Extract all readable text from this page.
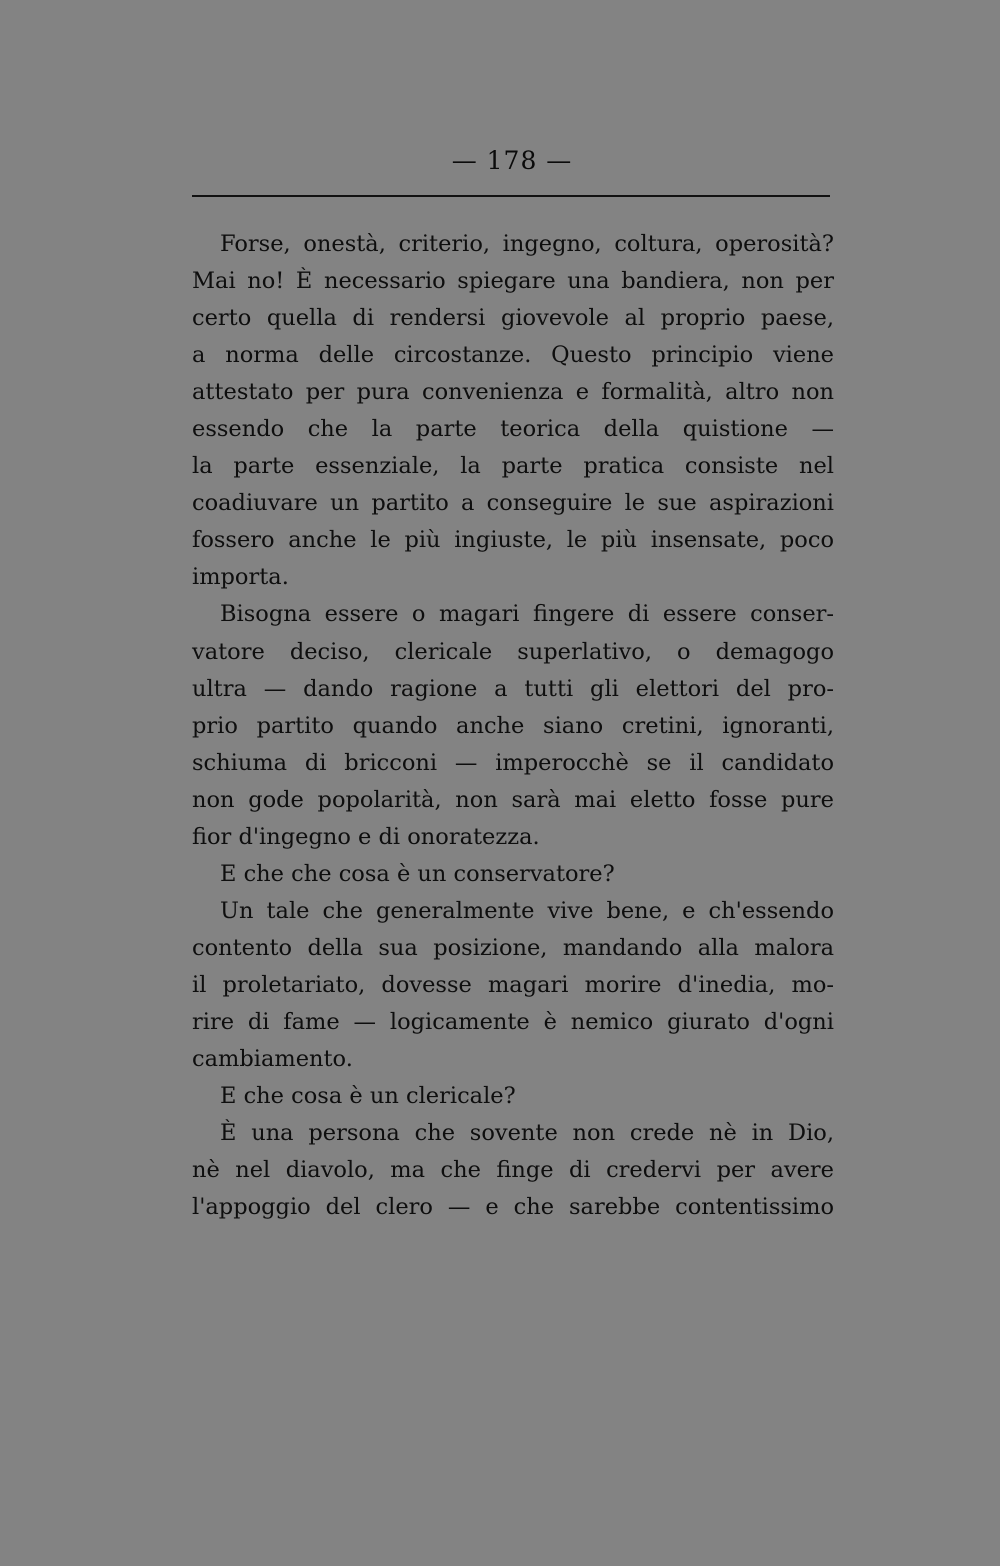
— 178 —
Forse, onestà, criterio, ingegno, coltura, operosità?
Mai no! È necessario spiegare una bandiera, non per
certo quella di rendersi giovevole al proprio paese,
a norma delle circostanze. Questo principio viene
attestato per pura convenienza e formalità, altro non
essendo che la parte teorica della quistione —
la parte essenziale, la parte pratica consiste nel
coadiuvare un partito a conseguire le sue aspirazioni
fossero anche le più ingiuste, le più insensate, poco
importa.
Bisogna essere o magari fingere di essere conser-
vatore deciso, clericale superlativo, o demagogo
ultra — dando ragione a tutti gli elettori del pro-
prio partito quando anche siano cretini, ignoranti,
schiuma di bricconi — imperocchè se il candidato
non gode popolarità, non sarà mai eletto fosse pure
fior d'ingegno e di onoratezza.
E che che cosa è un conservatore?
Un tale che generalmente vive bene, e ch'essendo
contento della sua posizione, mandando alla malora
il proletariato, dovesse magari morire d'inedia, mo-
rire di fame — logicamente è nemico giurato d'ogni
cambiamento.
E che cosa è un clericale?
È una persona che sovente non crede nè in Dio,
nè nel diavolo, ma che finge di credervi per avere
l'appoggio del clero — e che sarebbe contentissimo
